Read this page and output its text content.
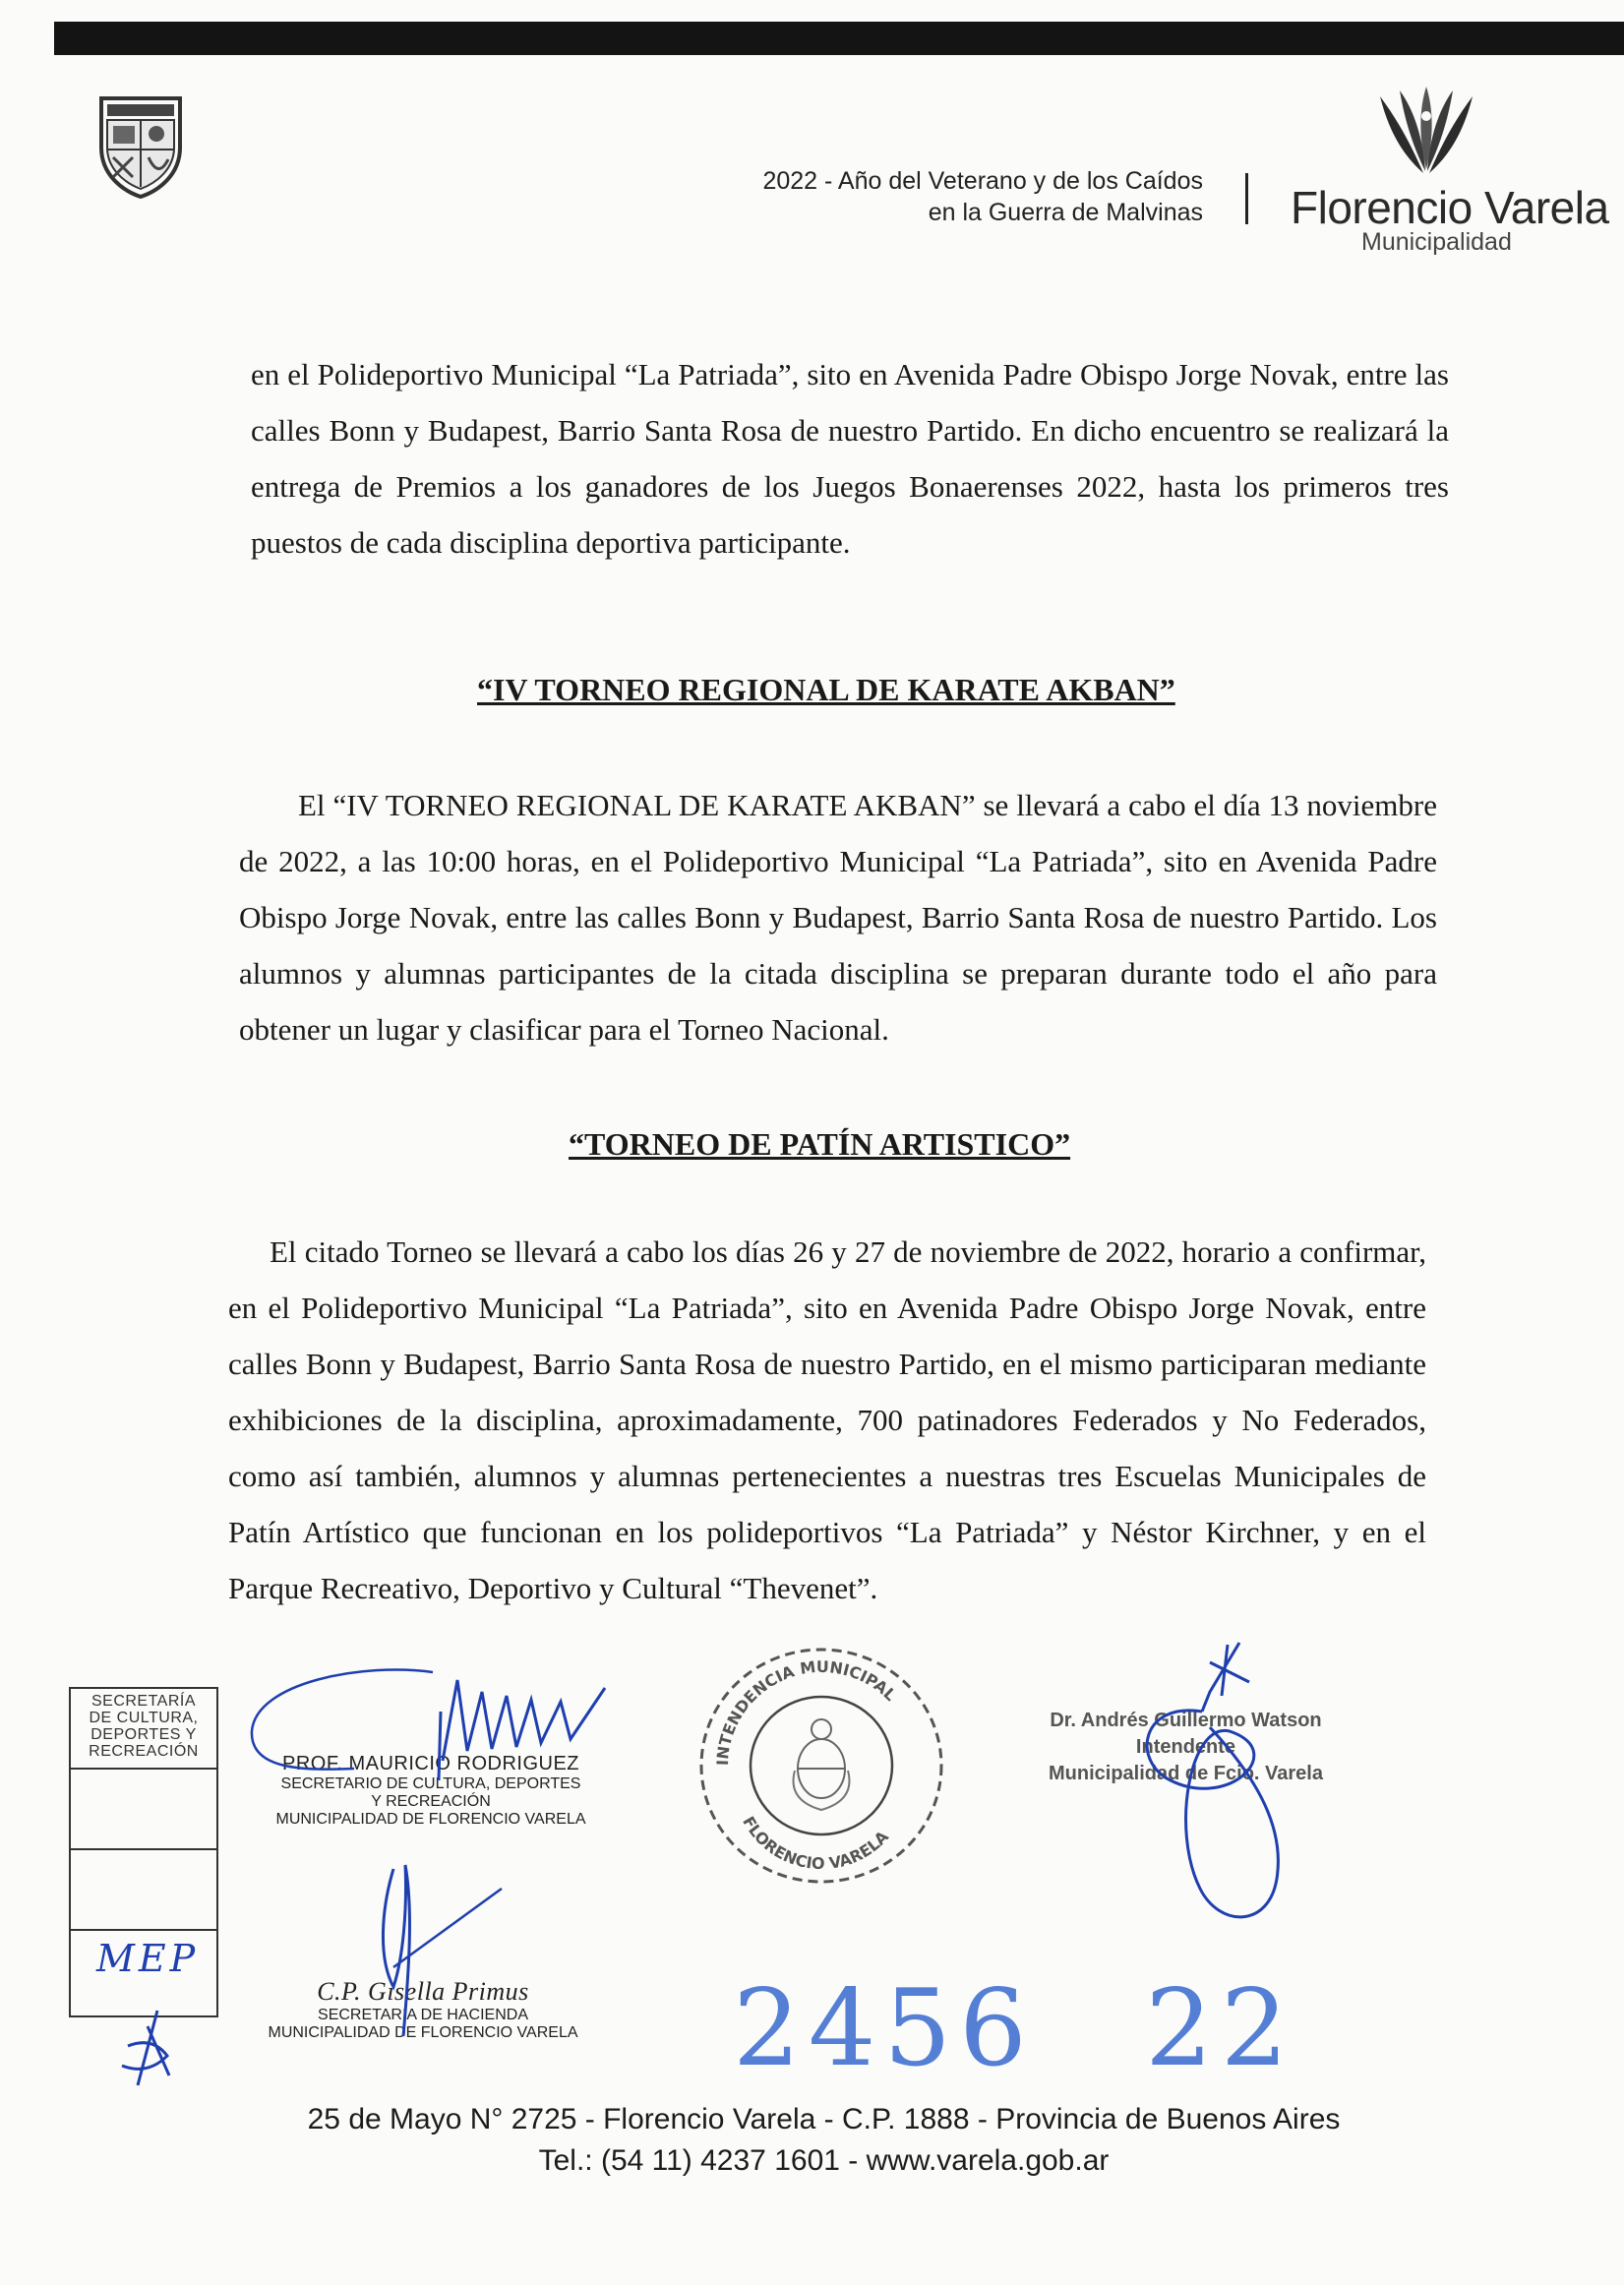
2022 - Año del Veterano y de los Caídos
en la Guerra de Malvinas Florencio Varela
Municipalidad

en el Polideportivo Municipal “La Patriada”, sito en Avenida Padre Obispo Jorge Novak, entre las calles Bonn y Budapest, Barrio Santa Rosa de nuestro Partido. En dicho encuentro se realizará la entrega de Premios a los ganadores de los Juegos Bonaerenses 2022, hasta los primeros tres puestos de cada disciplina deportiva participante.

“IV TORNEO REGIONAL DE KARATE AKBAN”

El “IV TORNEO REGIONAL DE KARATE AKBAN” se llevará a cabo el día 13 noviembre de 2022, a las 10:00 horas, en el Polideportivo Municipal “La Patriada”, sito en Avenida Padre Obispo Jorge Novak, entre las calles Bonn y Budapest, Barrio Santa Rosa de nuestro Partido. Los alumnos y alumnas participantes de la citada disciplina se preparan durante todo el año para obtener un lugar y clasificar para el Torneo Nacional.

“TORNEO DE PATÍN ARTISTICO”

El citado Torneo se llevará a cabo los días 26 y 27 de noviembre de 2022, horario a confirmar, en el Polideportivo Municipal “La Patriada”, sito en Avenida Padre Obispo Jorge Novak, entre calles Bonn y Budapest, Barrio Santa Rosa de nuestro Partido, en el mismo participaran mediante exhibiciones de la disciplina, aproximadamente, 700 patinadores Federados y No Federados, como así también, alumnos y alumnas pertenecientes a nuestras tres Escuelas Municipales de Patín Artístico que funcionan en los polideportivos “La Patriada” y Néstor Kirchner, y en el Parque Recreativo, Deportivo y Cultural “Thevenet”.

SECRETARÍA
DE CULTURA,
DEPORTES Y
RECREACIÓN
MEP
PROF. MAURICIO RODRIGUEZ
SECRETARIO DE CULTURA, DEPORTES
Y RECREACIÓN
MUNICIPALIDAD DE FLORENCIO VARELA
C.P. Gisella Primus
SECRETARIA DE HACIENDA
MUNICIPALIDAD DE FLORENCIO VARELA
INTENDENCIA MUNICIPAL
FLORENCIO VARELA
Dr. Andrés Guillermo Watson
Intendente
Municipalidad de Fcio. Varela
2456 22
25 de Mayo N° 2725 - Florencio Varela - C.P. 1888 - Provincia de Buenos Aires
Tel.: (54 11) 4237 1601 - www.varela.gob.ar
